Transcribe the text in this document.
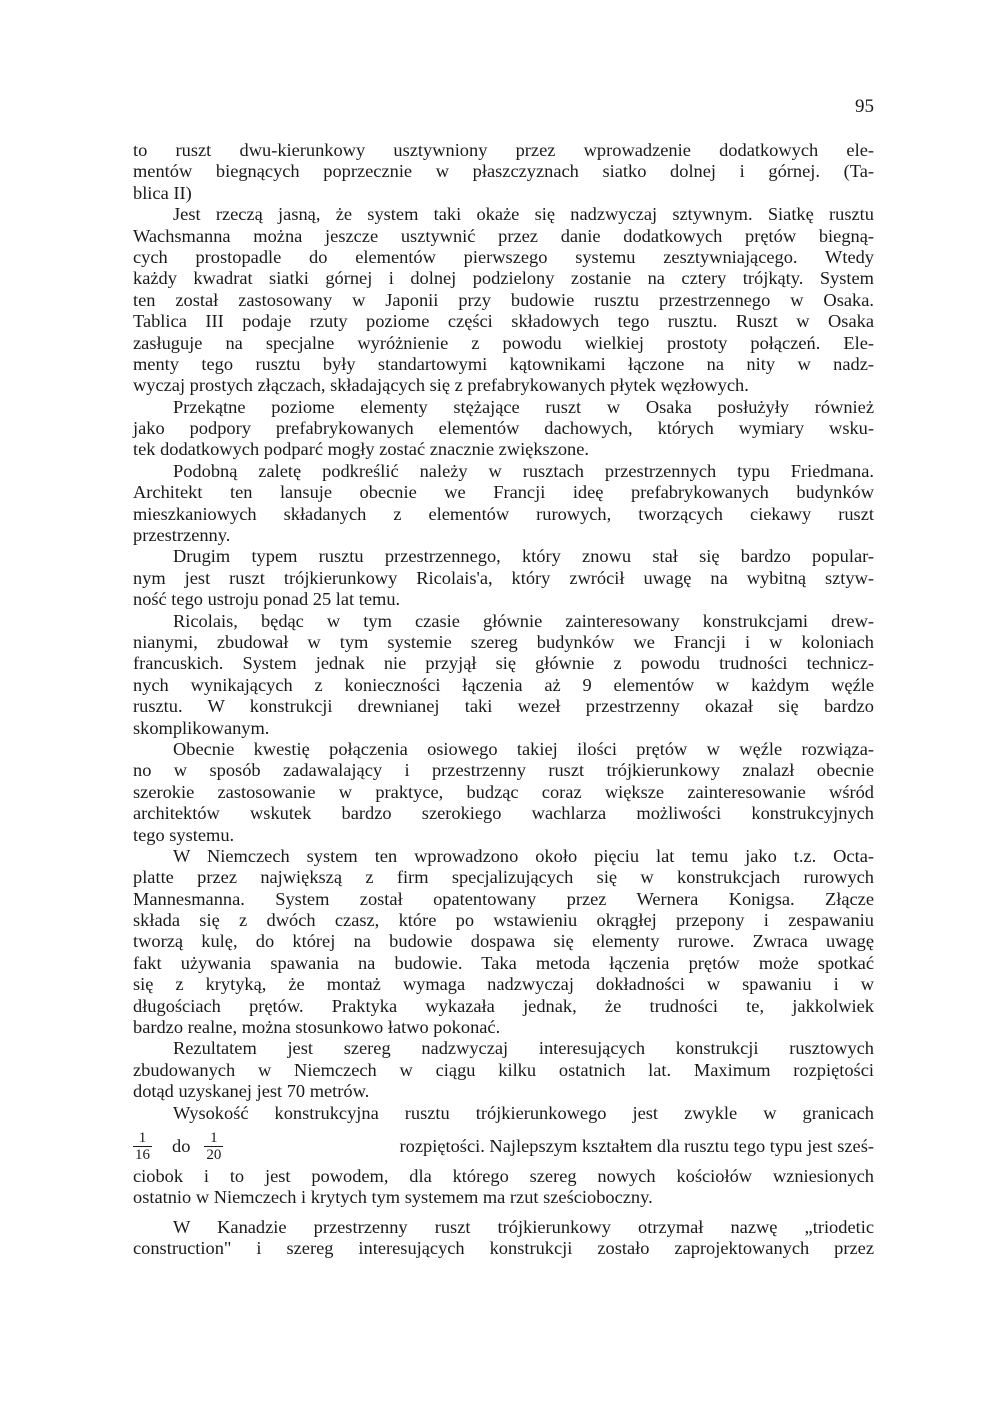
95
to ruszt dwu-kierunkowy usztywniony przez wprowadzenie dodatkowych ele-
mentów biegnących poprzecznie w płaszczyznach siatko dolnej i górnej. (Ta-
blica II)
Jest rzeczą jasną, że system taki okaże się nadzwyczaj sztywnym. Siatkę rusztu
Wachsmanna można jeszcze usztywnić przez danie dodatkowych prętów biegną-
cych prostopadle do elementów pierwszego systemu zesztywniającego. Wtedy
każdy kwadrat siatki górnej i dolnej podzielony zostanie na cztery trójkąty. System
ten został zastosowany w Japonii przy budowie rusztu przestrzennego w Osaka.
Tablica III podaje rzuty poziome części składowych tego rusztu. Ruszt w Osaka
zasługuje na specjalne wyróżnienie z powodu wielkiej prostoty połączeń. Ele-
menty tego rusztu były standartowymi kątownikami łączone na nity w nadz-
wyczaj prostych złączach, składających się z prefabrykowanych płytek węzłowych.
Przekątne poziome elementy stężające ruszt w Osaka posłużyły również
jako podpory prefabrykowanych elementów dachowych, których wymiary wsku-
tek dodatkowych podparć mogły zostać znacznie zwiększone.
Podobną zaletę podkreślić należy w rusztach przestrzennych typu Friedmana.
Architekt ten lansuje obecnie we Francji ideę prefabrykowanych budynków
mieszkaniowych składanych z elementów rurowych, tworzących ciekawy ruszt
przestrzenny.
Drugim typem rusztu przestrzennego, który znowu stał się bardzo popular-
nym jest ruszt trójkierunkowy Ricolais'a, który zwrócił uwagę na wybitną sztyw-
ność tego ustroju ponad 25 lat temu.
Ricolais, będąc w tym czasie głównie zainteresowany konstrukcjami drew-
nianymi, zbudował w tym systemie szereg budynków we Francji i w koloniach
francuskich. System jednak nie przyjął się głównie z powodu trudności technicz-
nych wynikających z konieczności łączenia aż 9 elementów w każdym węźle
rusztu. W konstrukcji drewnianej taki wezeł przestrzenny okazał się bardzo
skomplikowanym.
Obecnie kwestię połączenia osiowego takiej ilości prętów w węźle rozwiąza-
no w sposób zadawalający i przestrzenny ruszt trójkierunkowy znalazł obecnie
szerokie zastosowanie w praktyce, budząc coraz większe zainteresowanie wśród
architektów wskutek bardzo szerokiego wachlarza możliwości konstrukcyjnych
tego systemu.
W Niemczech system ten wprowadzono około pięciu lat temu jako t.z. Octa-
platte przez największą z firm specjalizujących się w konstrukcjach rurowych
Mannesmanna. System został opatentowany przez Wernera Konigsa. Złącze
składa się z dwóch czasz, które po wstawieniu okrągłej przepony i zespawaniu
tworzą kulę, do której na budowie dospawa się elementy rurowe. Zwraca uwagę
fakt używania spawania na budowie. Taka metoda łączenia prętów może spotkać
się z krytyką, że montaż wymaga nadzwyczaj dokładności w spawaniu i w
długościach prętów. Praktyka wykazała jednak, że trudności te, jakkolwiek
bardzo realne, można stosunkowo łatwo pokonać.
Rezultatem jest szereg nadzwyczaj interesujących konstrukcji rusztowych
zbudowanych w Niemczech w ciągu kilku ostatnich lat. Maximum rozpiętości
dotąd uzyskanej jest 70 metrów.
Wysokość konstrukcyjna rusztu trójkierunkowego jest zwykle w granicach
$\frac{1}{16}$ do $\frac{1}{20}$	rozpiętości. Najlepszym kształtem dla rusztu tego typu jest sześ-
ciobok i to jest powodem, dla którego szereg nowych kościołów wzniesionych
ostatnio w Niemczech i krytych tym systemem ma rzut sześcioboczny.
W Kanadzie przestrzenny ruszt trójkierunkowy otrzymał nazwę „triodetic
construction" i szereg interesujących konstrukcji zostało zaprojektowanych przez
